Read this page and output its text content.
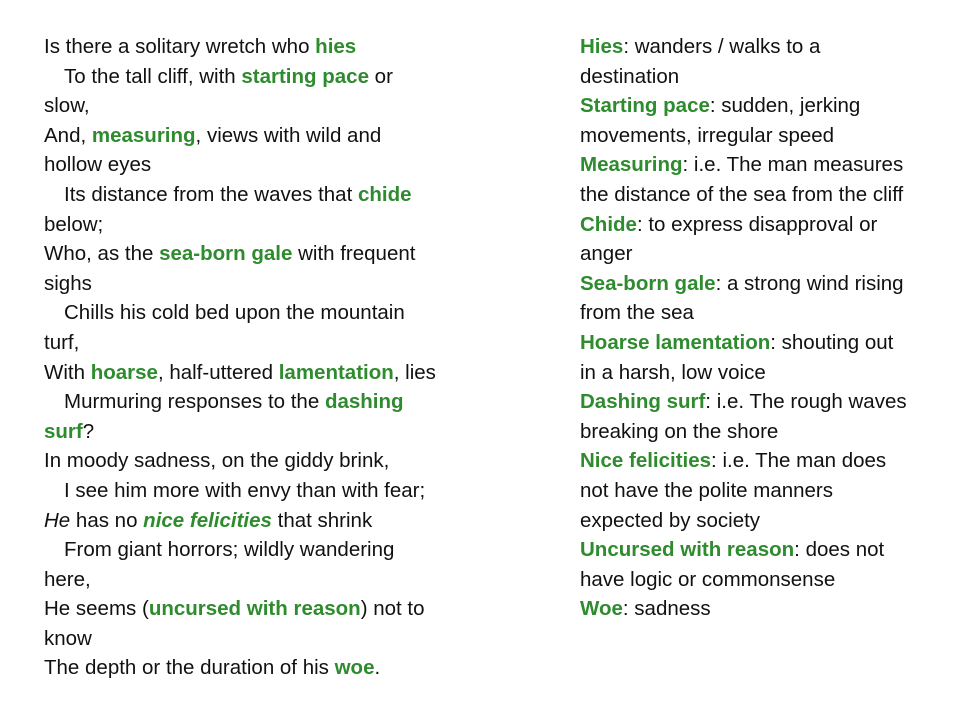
Is there a solitary wretch who hies
To the tall cliff, with starting pace or
slow,
And, measuring, views with wild and
hollow eyes
Its distance from the waves that chide
below;
Who, as the sea-born gale with frequent
sighs
Chills his cold bed upon the mountain
turf,
With hoarse, half-uttered lamentation, lies
Murmuring responses to the dashing
surf?
In moody sadness, on the giddy brink,
I see him more with envy than with fear;
He has no nice felicities that shrink
From giant horrors; wildly wandering
here,
He seems (uncursed with reason) not to
know
The depth or the duration of his woe.
Hies: wanders / walks to a destination
Starting pace: sudden, jerking movements, irregular speed
Measuring: i.e. The man measures the distance of the sea from the cliff
Chide: to express disapproval or anger
Sea-born gale: a strong wind rising from the sea
Hoarse lamentation: shouting out in a harsh, low voice
Dashing surf: i.e. The rough waves breaking on the shore
Nice felicities: i.e. The man does not have the polite manners expected by society
Uncursed with reason: does not have logic or commonsense
Woe: sadness
